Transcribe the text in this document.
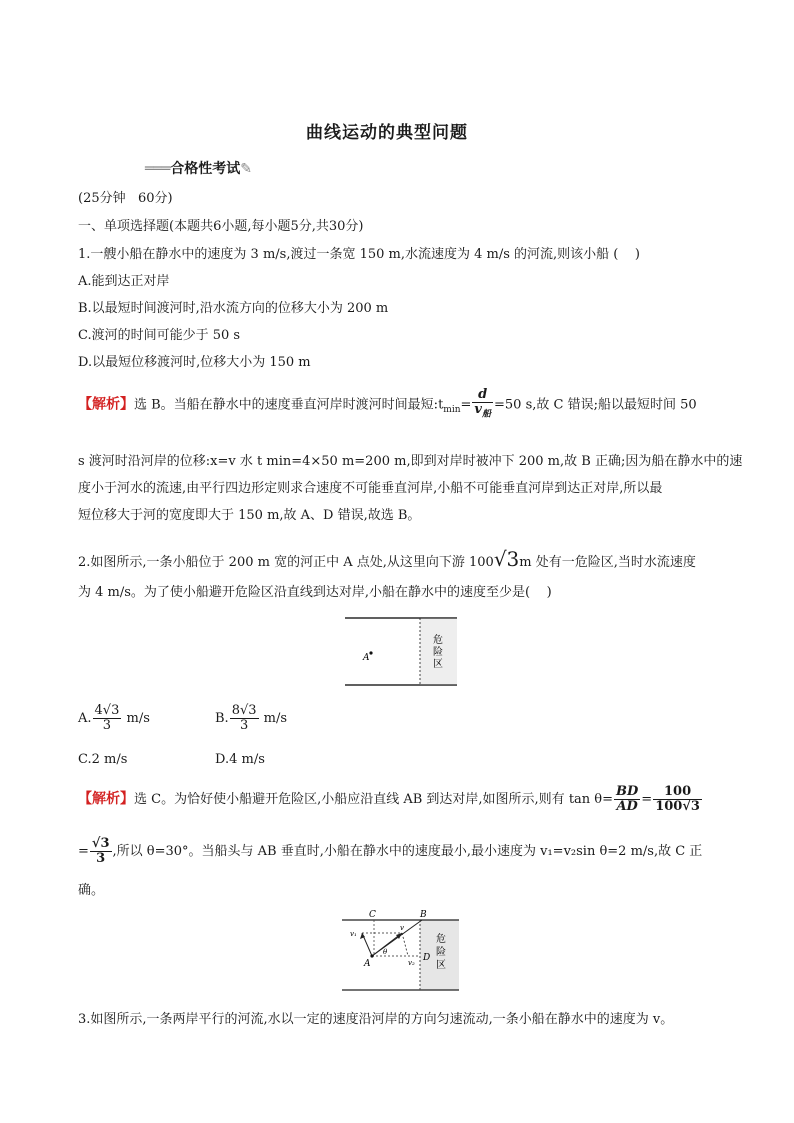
曲线运动的典型问题
═══合格性考试✎
(25分钟   60分)
一、单项选择题(本题共6小题,每小题5分,共30分)
1.一艘小船在静水中的速度为 3 m/s,渡过一条宽 150 m,水流速度为 4 m/s 的河流,则该小船 (    )
A.能到达正对岸
B.以最短时间渡河时,沿水流方向的位移大小为 200 m
C.渡河的时间可能少于 50 s
D.以最短位移渡河时,位移大小为 150 m
【解析】选 B。当船在静水中的速度垂直河岸时渡河时间最短$:t_{min}= \frac{d}{v_船} =50$ s,故 C 错误;船以最短时间 50
s 渡河时沿河岸的位移:x=v 水 t min=4×50 m=200 m,即到对岸时被冲下 200 m,故 B 正确;因为船在静水中的速
度小于河水的流速,由平行四边形定则求合速度不可能垂直河岸,小船不可能垂直河岸到达正对岸,所以最
短位移大于河的宽度即大于 150 m,故 A、D 错误,故选 B。
2.如图所示,一条小船位于 200 m 宽的河正中 A 点处,从这里向下游 100√3m 处有一危险区,当时水流速度
为 4 m/s。为了使小船避开危险区沿直线到达对岸,小船在静水中的速度至少是(    )
A
危
险
区
A. $\frac{4√3}{3} m/s$	B. $\frac{8√3}{3} m/s$
C.2 m/s	D.4 m/s
【解析】选 C。为恰好使小船避开危险区,小船应沿直线 AB 到达对岸,如图所示,则有 $\tan \theta= \frac{BD}{AD} = \frac{100}{100√3}$
= $\frac{√3}{3}$ ,所以 θ=30°。当船头与 AB 垂直时,小船在静水中的速度最小,最小速度为 v₁=v₂sin θ=2 m/s,故 C 正
确。
C	B
A
D
v₁
v
v₂
θ
危
险
区
3.如图所示,一条两岸平行的河流,水以一定的速度沿河岸的方向匀速流动,一条小船在静水中的速度为 v。
